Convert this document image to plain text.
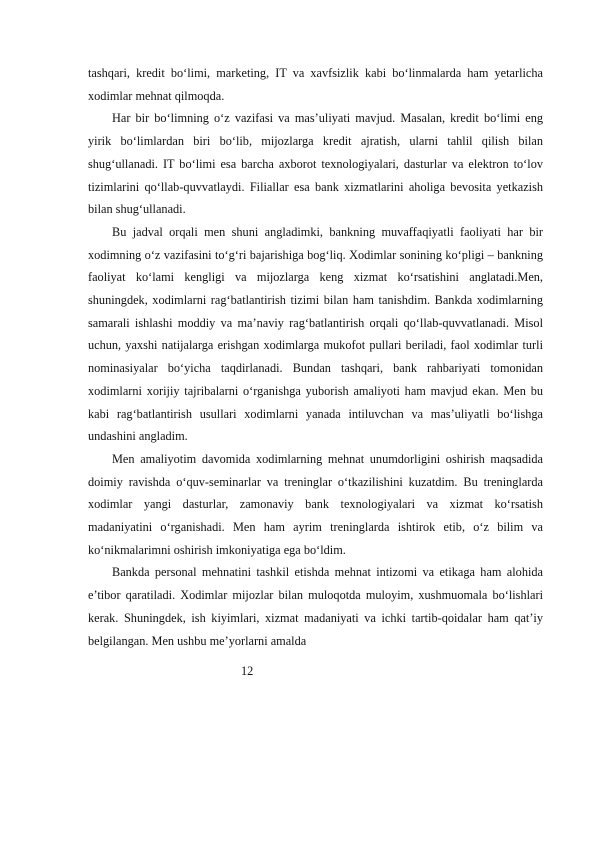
tashqari, kredit bo‘limi, marketing, IT va xavfsizlik kabi bo‘linmalarda ham yetarlicha xodimlar mehnat qilmoqda.

Har bir bo‘limning o‘z vazifasi va mas’uliyati mavjud. Masalan, kredit bo‘limi eng yirik bo‘limlardan biri bo‘lib, mijozlarga kredit ajratish, ularni tahlil qilish bilan shug‘ullanadi. IT bo‘limi esa barcha axborot texnologiyalari, dasturlar va elektron to‘lov tizimlarini qo‘llab-quvvatlaydi. Filiallar esa bank xizmatlarini aholiga bevosita yetkazish bilan shug‘ullanadi.

Bu jadval orqali men shuni angladimki, bankning muvaffaqiyatli faoliyati har bir xodimning o‘z vazifasini to‘g‘ri bajarishiga bog‘liq. Xodimlar sonining ko‘pligi – bankning faoliyat ko‘lami kengligi va mijozlarga keng xizmat ko‘rsatishini anglatadi.Men, shuningdek, xodimlarni rag‘batlantirish tizimi bilan ham tanishdim. Bankda xodimlarning samarali ishlashi moddiy va ma’naviy rag‘batlantirish orqali qo‘llab-quvvatlanadi. Misol uchun, yaxshi natijalarga erishgan xodimlarga mukofot pullari beriladi, faol xodimlar turli nominasiyalar bo‘yicha taqdirlanadi. Bundan tashqari, bank rahbariyati tomonidan xodimlarni xorijiy tajribalarni o‘rganishga yuborish amaliyoti ham mavjud ekan. Men bu kabi rag‘batlantirish usullari xodimlarni yanada intiluvchan va mas’uliyatli bo‘lishga undashini angladim.

Men amaliyotim davomida xodimlarning mehnat unumdorligini oshirish maqsadida doimiy ravishda o‘quv-seminarlar va treninglar o‘tkazilishini kuzatdim. Bu treninglarda xodimlar yangi dasturlar, zamonaviy bank texnologiyalari va xizmat ko‘rsatish madaniyatini o‘rganishadi. Men ham ayrim treninglarda ishtirok etib, o‘z bilim va ko‘nikmalarimni oshirish imkoniyatiga ega bo‘ldim.

Bankda personal mehnatini tashkil etishda mehnat intizomi va etikaga ham alohida e’tibor qaratiladi. Xodimlar mijozlar bilan muloqotda muloyim, xushmuomala bo‘lishlari kerak. Shuningdek, ish kiyimlari, xizmat madaniyati va ichki tartib-qoidalar ham qat’iy belgilangan. Men ushbu me’yorlarni amalda

12
